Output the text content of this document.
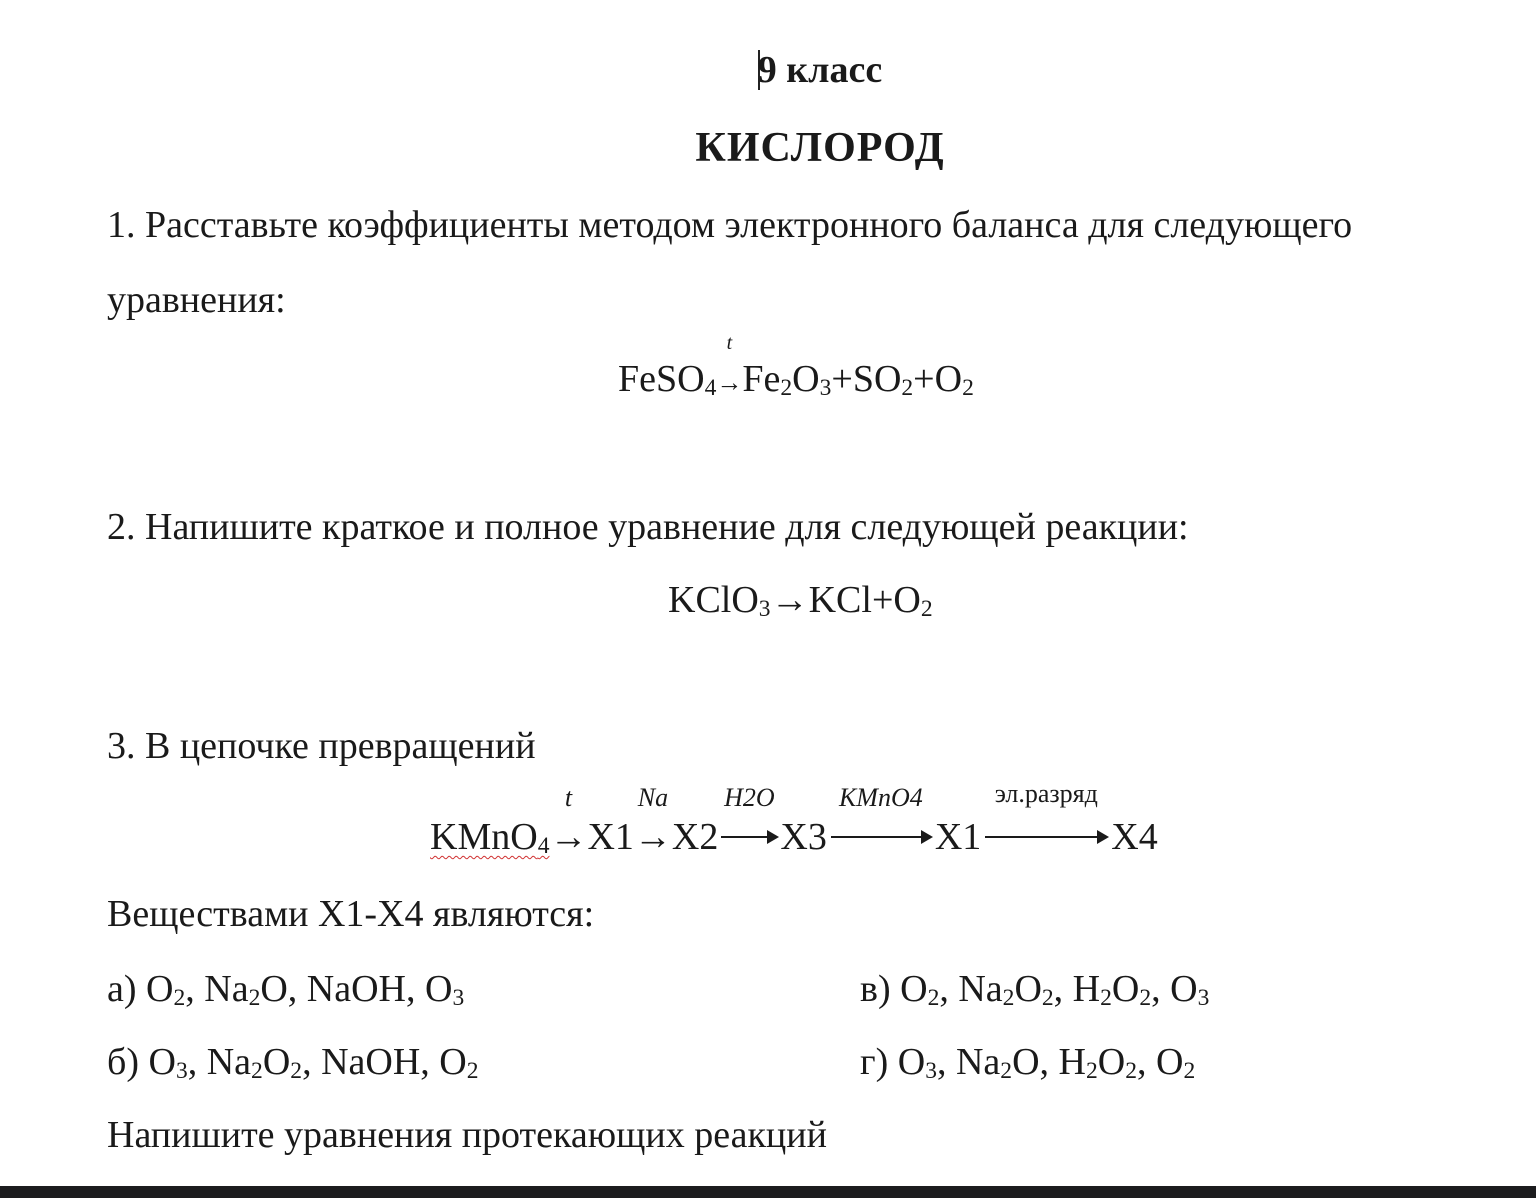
9 класс
КИСЛОРОД
1. Расставьте коэффициенты методом электронного баланса для следующего
уравнения:
FeSO$_4$
t
$\to Fe_2O_3+SO_2+O_2$
2. Напишите краткое и полное уравнение для следующей реакции:
$KClO_3\to KCl+O_2$
3. В цепочке превращений
KMnO$_4$
t
→X1
Na
→X2
H2O
X3
KMnO4
X1
эл.разряд
X4
Веществами X1-X4 являются:
а) $O_2$, $Na_2O$, NaOH, $O_3$
б) $O_3$, $Na_2O_2$, NaOH, $O_2$
в) $O_2$, $Na_2O_2$, $H_2O_2$, $O_3$
г) $O_3$, $Na_2O$, $H_2O_2$, $O_2$
Напишите уравнения протекающих реакций
